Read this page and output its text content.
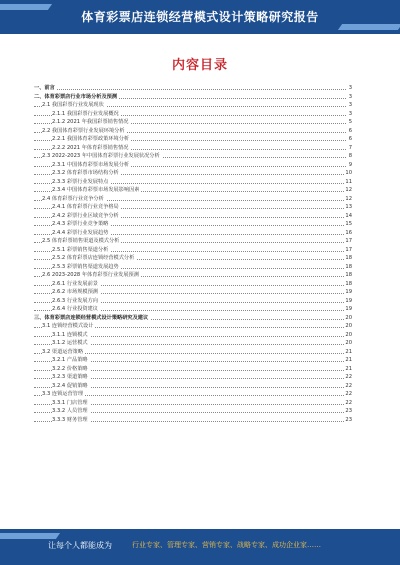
体育彩票店连锁经营模式设计策略研究报告
内容目录
一、前言	3
二、体育彩票店行业市场分析及预测	3
2.1 我国彩票行业发展现状	3
2.1.1 我国彩票行业发展概况	3
2.1.2 2021 年我国彩票销售情况	5
2.2 我国体育彩票行业发展环境分析	6
2.2.1 我国体育彩票政策环境分析	6
2.2.2 2021 年体育彩票销售情况	7
2.3 2022-2023 年中国体育彩票行业发展状况分析	8
2.3.1 中国体育彩票市场发展分析	9
2.3.2 体育彩票市场结构分析	10
2.3.3 彩票行业发展特点	11
2.3.4 中国体育彩票市场发展影响因素	12
2.4 体育彩票行业竞争分析	12
2.4.1 体育彩票行业竞争格局	13
2.4.2 彩票行业区域竞争分析	14
2.4.3 彩票行业竞争策略	15
2.4.4 彩票行业发展趋势	16
2.5 体育彩票销售渠道及模式分析	17
2.5.1 彩票销售渠道分析	17
2.5.2 体育彩票店连锁经营模式分析	18
2.5.3 彩票销售渠道发展趋势	18
2.6 2023-2028 年体育彩票行业发展预测	18
2.6.1 行业发展前景	18
2.6.2 市场规模预测	19
2.6.3 行业发展方向	19
2.6.4 行业投资建议	19
三、体育彩票店连锁经营模式设计策略研究及建议	20
3.1 连锁经营模式设计	20
3.1.1 连锁模式	20
3.1.2 运营模式	20
3.2 渠道运营策略	21
3.2.1 产品策略	21
3.2.2 价格策略	21
3.2.3 渠道策略	22
3.2.4 促销策略	22
3.3 连锁运营管理	22
3.3.1 门店管理	22
3.3.2 人员管理	23
3.3.3 财务管理	23
让每个人都能成为	行业专家、管理专家、营销专家、战略专家、成功企业家……
